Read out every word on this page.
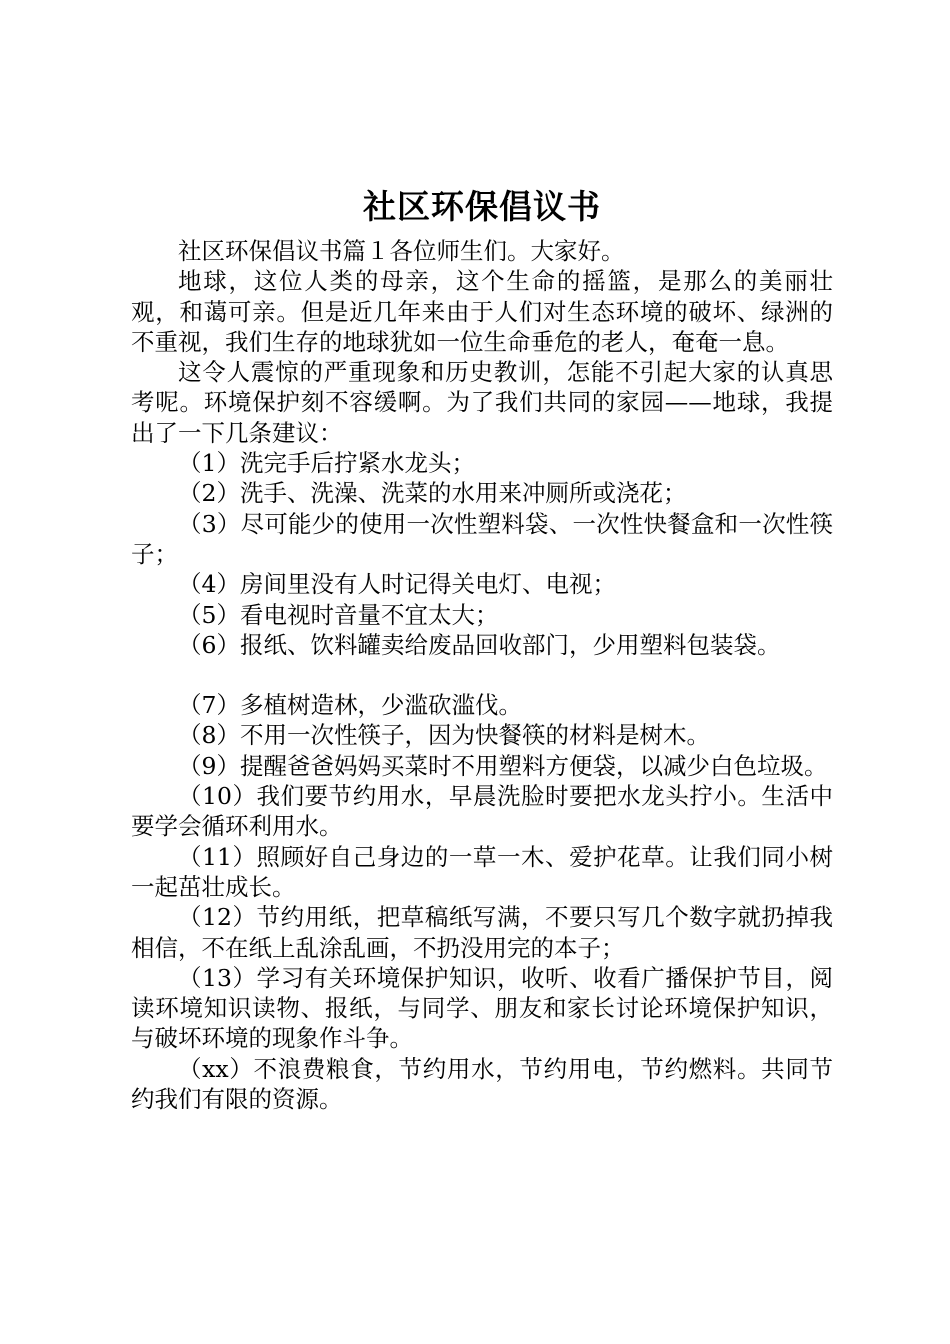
社区环保倡议书

社区环保倡议书篇１各位师生们。大家好。

地球，这位人类的母亲，这个生命的摇篮，是那么的美丽壮观，和蔼可亲。但是近几年来由于人们对生态环境的破坏、绿洲的不重视，我们生存的地球犹如一位生命垂危的老人，奄奄一息。

这令人震惊的严重现象和历史教训，怎能不引起大家的认真思考呢。环境保护刻不容缓啊。为了我们共同的家园——地球，我提出了一下几条建议：

（1）洗完手后拧紧水龙头；

（2）洗手、洗澡、洗菜的水用来冲厕所或浇花；

（3）尽可能少的使用一次性塑料袋、一次性快餐盒和一次性筷子；

（4）房间里没有人时记得关电灯、电视；

（5）看电视时音量不宜太大；

（6）报纸、饮料罐卖给废品回收部门，少用塑料包装袋。

（7）多植树造林，少滥砍滥伐。

（8）不用一次性筷子，因为快餐筷的材料是树木。

（9）提醒爸爸妈妈买菜时不用塑料方便袋，以减少白色垃圾。

（10）我们要节约用水，早晨洗脸时要把水龙头拧小。生活中要学会循环利用水。

（11）照顾好自己身边的一草一木、爱护花草。让我们同小树一起茁壮成长。

（12）节约用纸，把草稿纸写满，不要只写几个数字就扔掉我相信，不在纸上乱涂乱画，不扔没用完的本子；

（13）学习有关环境保护知识，收听、收看广播保护节目，阅读环境知识读物、报纸，与同学、朋友和家长讨论环境保护知识，与破坏环境的现象作斗争。

（xx）不浪费粮食，节约用水，节约用电，节约燃料。共同节约我们有限的资源。
